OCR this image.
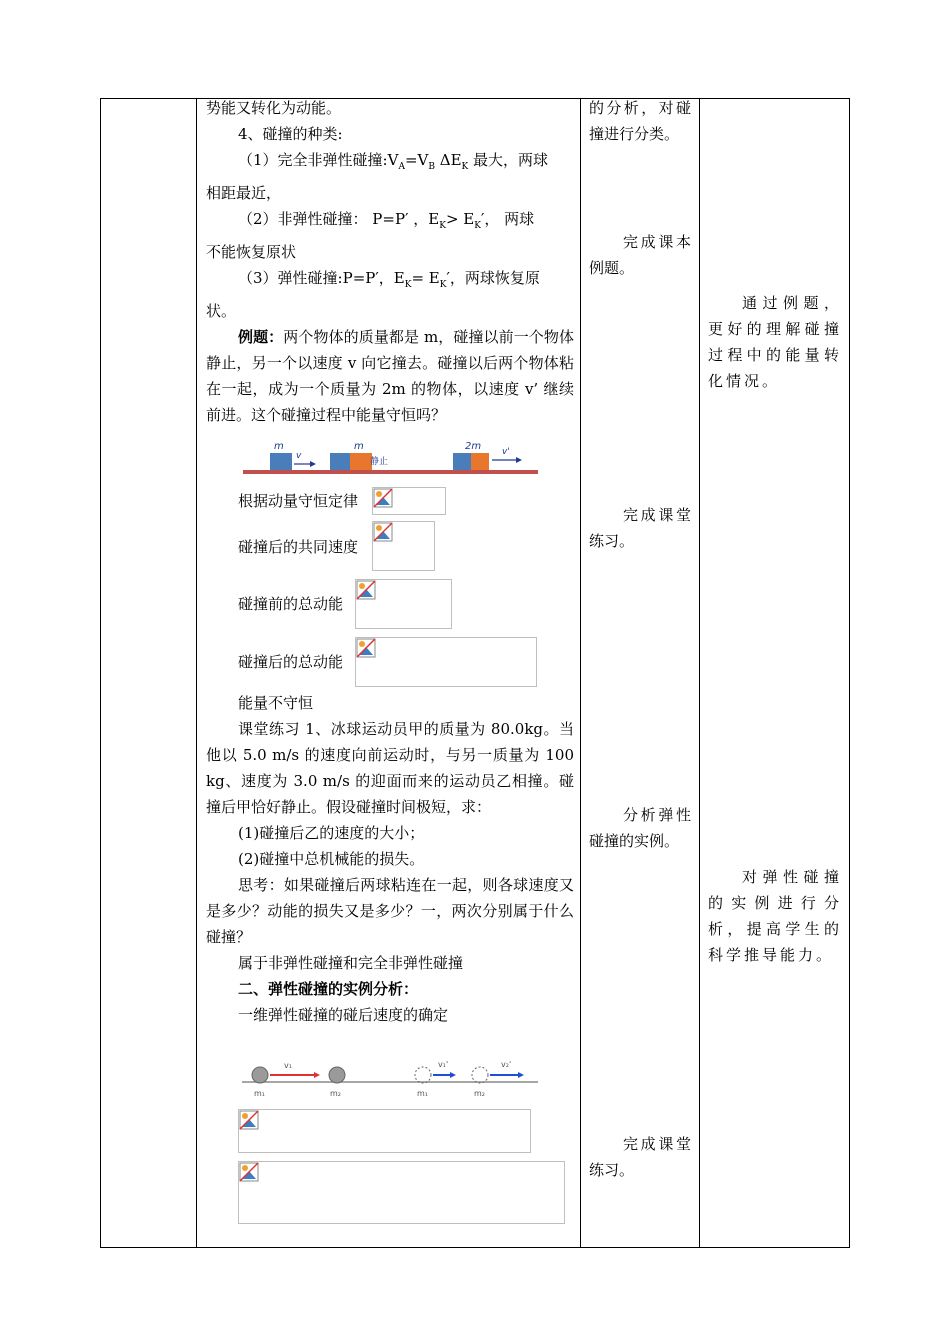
势能又转化为动能。

4、碰撞的种类:

（1）完全非弹性碰撞$:V_A=V_B$ $\Delta E_K$ 最大，两球

相距最近，

（2）非弹性碰撞： P=P′ ，$E_K> E_K'$， 两球

不能恢复原状

（3）弹性碰撞:P=P′，$E_K= E_K'$，两球恢复原

状。

例题：两个物体的质量都是 m，碰撞以前一个物体静止，另一个以速度 v 向它撞去。碰撞以后两个物体粘在一起，成为一个质量为 2m 的物体，以速度 v’ 继续前进。这个碰撞过程中能量守恒吗？

m
v
m
静止
2m v'
根据动量守恒定律
碰撞后的共同速度
碰撞前的总动能
碰撞后的总动能

能量不守恒

课堂练习 1、冰球运动员甲的质量为 80.0kg。当他以 5.0 m/s 的速度向前运动时，与另一质量为 100 kg、速度为 3.0 m/s 的迎面而来的运动员乙相撞。碰撞后甲恰好静止。假设碰撞时间极短，求：

(1)碰撞后乙的速度的大小；

(2)碰撞中总机械能的损失。

思考：如果碰撞后两球粘连在一起，则各球速度又是多少？动能的损失又是多少？一，两次分别属于什么碰撞？

属于非弹性碰撞和完全非弹性碰撞

二、弹性碰撞的实例分析：

一维弹性碰撞的碰后速度的确定

v₁
m₁	m₂
v₁'
m₁
v₂'
m₂
的分析，对碰撞进行分类。
完成课本例题。
完成课堂练习。
分析弹性碰撞的实例。
完成课堂练习。
通过例题，更好的理解碰撞过程中的能量转化情况。
对弹性碰撞的实例进行分析，提高学生的科学推导能力。
